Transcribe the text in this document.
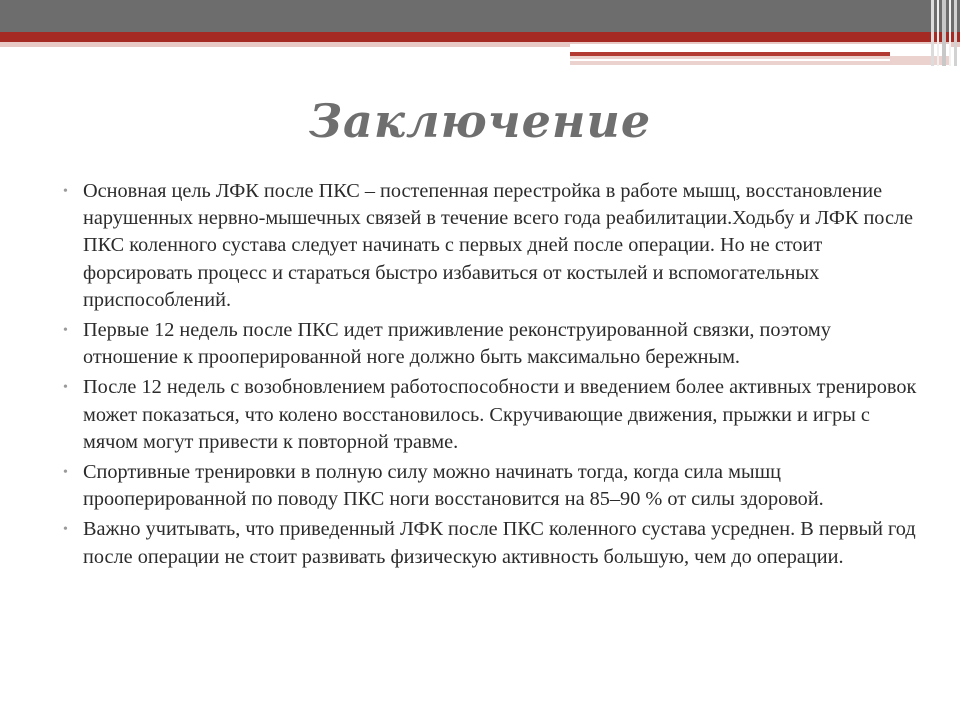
Заключение
• Основная цель ЛФК после ПКС – постепенная перестройка в работе мышц, восстановление нарушенных нервно-мышечных связей в течение всего года реабилитации.Ходьбу и ЛФК после ПКС коленного сустава следует начинать с первых дней после операции. Но не стоит форсировать процесс и стараться быстро избавиться от костылей и вспомогательных приспособлений.
• Первые 12 недель после ПКС идет приживление реконструированной связки, поэтому отношение к прооперированной ноге должно быть максимально бережным.
• После 12 недель с возобновлением работоспособности и введением более активных тренировок может показаться, что колено восстановилось. Скручивающие движения, прыжки и игры с мячом могут привести к повторной травме.
• Спортивные тренировки в полную силу можно начинать тогда, когда сила мышц прооперированной по поводу ПКС ноги восстановится на 85–90 % от силы здоровой.
• Важно учитывать, что приведенный ЛФК после ПКС коленного сустава усреднен. В первый год после операции не стоит развивать физическую активность большую, чем до операции.
